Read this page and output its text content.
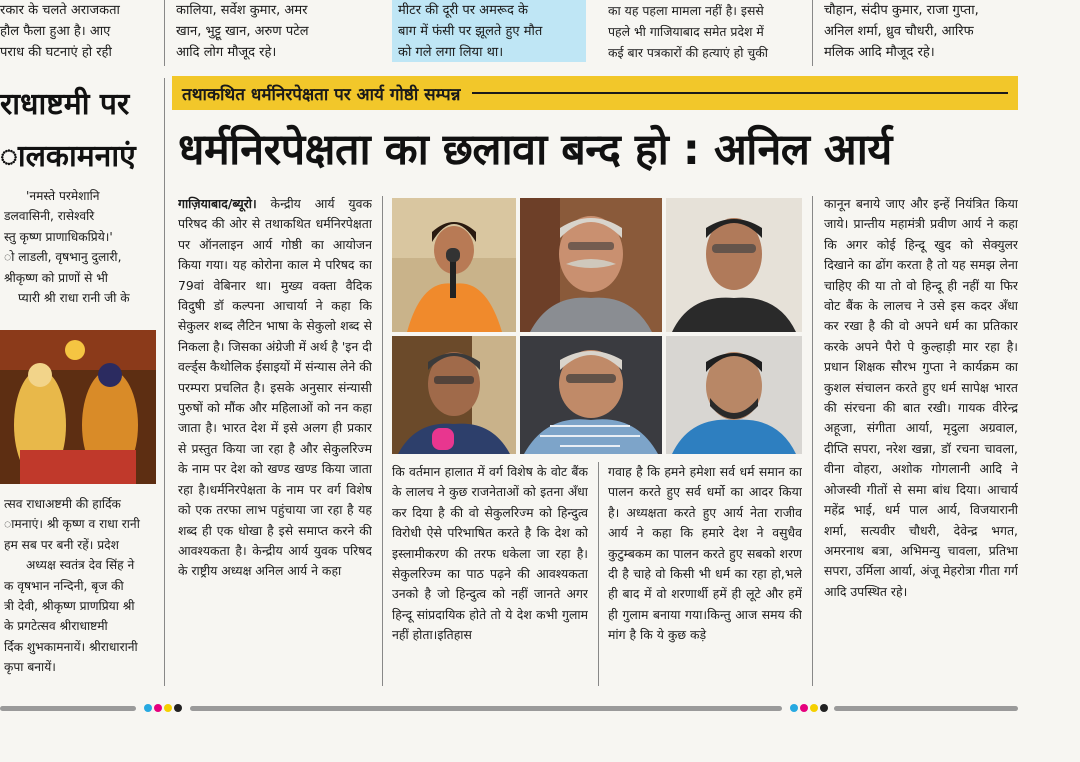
रकार के चलते अराजकता

हौल फैला हुआ है। आए

पराध की घटनाएं हो रही

कालिया, सर्वेश कुमार, अमर

खान, भुट्टू खान, अरुण पटेल

आदि लोग मौजूद रहे।

मीटर की दूरी पर अमरूद के

बाग में फंसी पर झूलते हुए मौत

को गले लगा लिया था।

का यह पहला मामला नहीं है। इससे

पहले भी गाजियाबाद समेत प्रदेश में

कई बार पत्रकारों की हत्याएं हो चुकी

चौहान, संदीप कुमार, राजा गुप्ता,

अनिल शर्मा, ध्रुव चौधरी, आरिफ

मलिक आदि मौजूद रहे।

राधाष्टमी पर
ालकामनाएं

'नमस्ते परमेशानि

डलवासिनी, रासेश्वरि

स्तु कृष्ण प्राणाधिकप्रिये।'

ो लाडली, वृषभानु दुलारी,

श्रीकृष्ण को प्राणों से भी

प्यारी श्री राधा रानी जी के

त्सव राधाअष्टमी की हार्दिक

ामनाएं। श्री कृष्ण व राधा रानी

हम सब पर बनी रहें। प्रदेश

अध्यक्ष स्वतंत्र देव सिंह ने

क वृषभान नन्दिनी, बृज की

त्री देवी, श्रीकृष्ण प्राणप्रिया श्री

के प्रगटेत्सव श्रीराधाष्टमी

र्दिक शुभकामनायें। श्रीराधारानी

कृपा बनायें।

तथाकथित धर्मनिरपेक्षता पर आर्य गोष्ठी सम्पन्न
धर्मनिरपेक्षता का छलावा बन्द हो : अनिल आर्य

गाज़ियाबाद/ब्यूरो। केन्द्रीय आर्य युवक परिषद की ओर से तथाकथित धर्मनिरपेक्षता पर ऑनलाइन आर्य गोष्ठी का आयोजन किया गया। यह कोरोना काल मे परिषद का 79वां वेबिनार था। मुख्य वक्ता वैदिक विदुषी डॉ कल्पना आचार्या ने कहा कि सेकुलर शब्द लैटिन भाषा के सेकुलो शब्द से निकला है। जिसका अंग्रेजी में अर्थ है 'इन दी वर्ल्ड्स कैथोलिक ईसाइयों में संन्यास लेने की परम्परा प्रचलित है। इसके अनुसार संन्यासी पुरुषों को मौंक और महिलाओं को नन कहा जाता है। भारत देश में इसे अलग ही प्रकार से प्रस्तुत किया जा रहा है और सेकुलरिज्म के नाम पर देश को खण्ड खण्ड किया जाता रहा है।धर्मनिरपेक्षता के नाम पर वर्ग विशेष को एक तरफा लाभ पहुंचाया जा रहा है यह शब्द ही एक धोखा है इसे समाप्त करने की आवश्यकता है। केन्द्रीय आर्य युवक परिषद के राष्ट्रीय अध्यक्ष अनिल आर्य ने कहा

कि वर्तमान हालात में वर्ग विशेष के वोट बैंक के लालच ने कुछ राजनेताओं को इतना अँधा कर दिया है की वो सेकुलरिज्म को हिन्दुत्व विरोधी ऐसे परिभाषित करते है कि देश को इस्लामीकरण की तरफ धकेला जा रहा है।सेकुलरिज्म का पाठ पढ़ने की आवश्यकता उनको है जो हिन्दुत्व को नहीं जानते अगर हिन्दू सांप्रदायिक होते तो ये देश कभी गुलाम नहीं होता।इतिहास

गवाह है कि हमने हमेशा सर्व धर्म समान का पालन करते हुए सर्व धर्मो का आदर किया है। अध्यक्षता करते हुए आर्य नेता राजीव आर्य ने कहा कि हमारे देश ने वसुधैव कुटुम्बकम का पालन करते हुए सबको शरण दी है चाहे वो किसी भी धर्म का रहा हो,भले ही बाद में वो शरणार्थी हमें ही लूटे और हमें ही गुलाम बनाया गया।किन्तु आज समय की मांग है कि ये कुछ कड़े

कानून बनाये जाए और इन्हें नियंत्रित किया जाये। प्रान्तीय महामंत्री प्रवीण आर्य ने कहा कि अगर कोई हिन्दू खुद को सेक्युलर दिखाने का ढोंग करता है तो यह समझ लेना चाहिए की या तो वो हिन्दू ही नहीं या फिर वोट बैंक के लालच ने उसे इस कदर अँधा कर रखा है की वो अपने धर्म का प्रतिकार करके अपने पैरो पे कुल्हाड़ी मार रहा है। प्रधान शिक्षक सौरभ गुप्ता ने कार्यक्रम का कुशल संचालन करते हुए धर्म सापेक्ष भारत की संरचना की बात रखी। गायक वीरेन्द्र अहूजा, संगीता आर्या, मृदुला अग्रवाल, दीप्ति सपरा, नरेश खन्ना, डॉ रचना चावला, वीना वोहरा, अशोक गोगलानी आदि ने ओजस्वी गीतों से समा बांध दिया। आचार्य महेंद्र भाई, धर्म पाल आर्य, विजयारानी शर्मा, सत्यवीर चौधरी, देवेन्द्र भगत, अमरनाथ बत्रा, अभिमन्यु चावला, प्रतिभा सपरा, उर्मिला आर्या, अंजू मेहरोत्रा गीता गर्ग आदि उपस्थित रहे।
